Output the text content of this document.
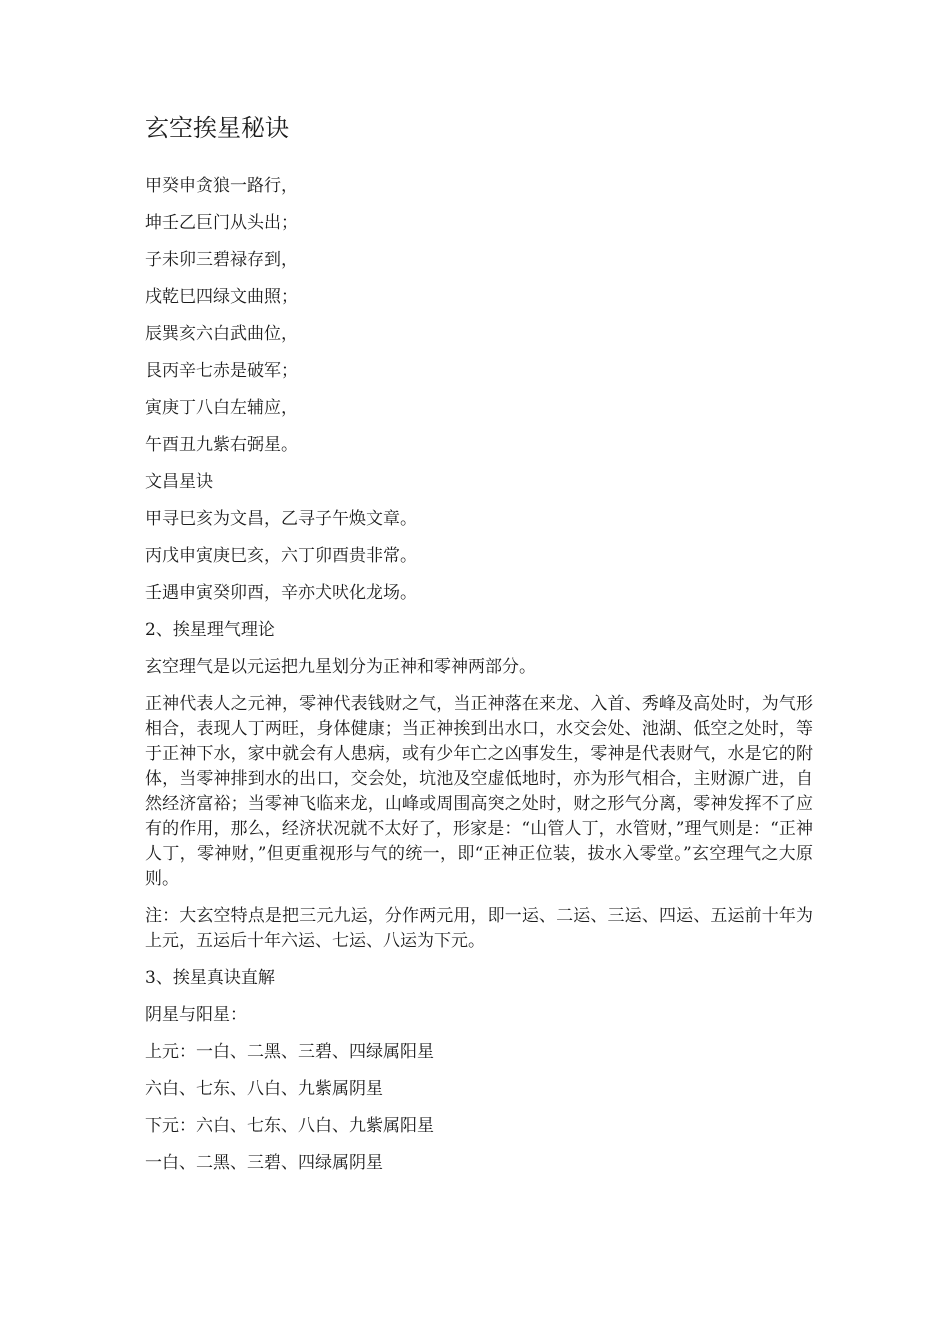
玄空挨星秘诀

甲癸申贪狼一路行，

坤壬乙巨门从头出；

子未卯三碧禄存到，

戌乾巳四绿文曲照；

辰巽亥六白武曲位，

艮丙辛七赤是破军；

寅庚丁八白左辅应，

午酉丑九紫右弼星。

文昌星诀

甲寻巳亥为文昌，乙寻子午焕文章。

丙戊申寅庚巳亥，六丁卯酉贵非常。

壬遇申寅癸卯酉，辛亦犬吠化龙场。

2、挨星理气理论

玄空理气是以元运把九星划分为正神和零神两部分。

正神代表人之元神，零神代表钱财之气，当正神落在来龙、入首、秀峰及高处时，为气形相合，表现人丁两旺，身体健康；当正神挨到出水口，水交会处、池湖、低空之处时，等于正神下水，家中就会有人患病，或有少年亡之凶事发生，零神是代表财气，水是它的附体，当零神排到水的出口，交会处，坑池及空虚低地时，亦为形气相合，主财源广进，自然经济富裕；当零神飞临来龙，山峰或周围高突之处时，财之形气分离，零神发挥不了应有的作用，那么，经济状况就不太好了，形家是：“山管人丁，水管财，”理气则是：“正神人丁，零神财，”但更重视形与气的统一，即“正神正位装，拔水入零堂。”玄空理气之大原则。

注：大玄空特点是把三元九运，分作两元用，即一运、二运、三运、四运、五运前十年为上元，五运后十年六运、七运、八运为下元。

3、挨星真诀直解

阴星与阳星：

上元：一白、二黑、三碧、四绿属阳星

六白、七东、八白、九紫属阴星

下元：六白、七东、八白、九紫属阳星

一白、二黑、三碧、四绿属阴星
